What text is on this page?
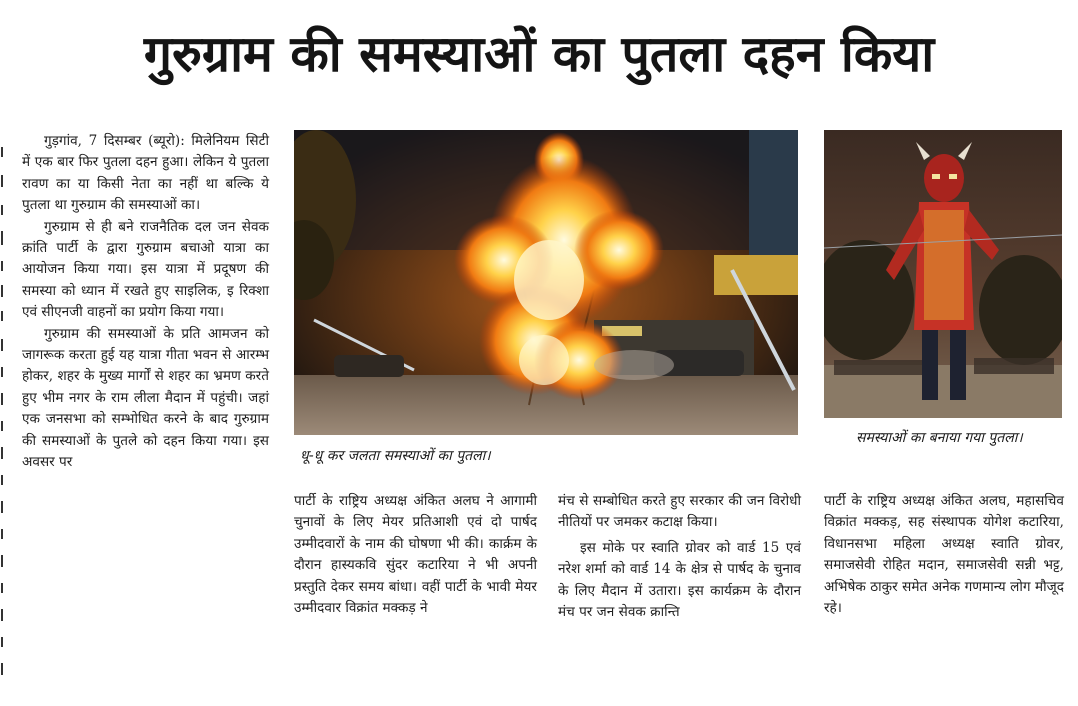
गुरुग्राम की समस्याओं का पुतला दहन किया

गुड़गांव, 7 दिसम्बर (ब्यूरो): मिलेनियम सिटी में एक बार फिर पुतला दहन हुआ। लेकिन ये पुतला रावण का या किसी नेता का नहीं था बल्कि ये पुतला था गुरुग्राम की समस्याओं का।

गुरुग्राम से ही बने राजनैतिक दल जन सेवक क्रांति पार्टी के द्वारा गुरुग्राम बचाओ यात्रा का आयोजन किया गया। इस यात्रा में प्रदूषण की समस्या को ध्यान में रखते हुए साइलिक, इ रिक्शा एवं सीएनजी वाहनों का प्रयोग किया गया।

गुरुग्राम की समस्याओं के प्रति आमजन को जागरूक करता हुई यह यात्रा गीता भवन से आरम्भ होकर, शहर के मुख्य मार्गों से शहर का भ्रमण करते हुए भीम नगर के राम लीला मैदान में पहुंची। जहां एक जनसभा को सम्भोधित करने के बाद गुरुग्राम की समस्याओं के पुतले को दहन किया गया। इस अवसर पर	धू-धू कर जलता समस्याओं का पुतला।
समस्याओं का बनाया गया पुतला।

पार्टी के राष्ट्रिय अध्यक्ष अंकित अलघ ने आगामी चुनावों के लिए मेयर प्रतिआशी एवं दो पार्षद उम्मीदवारों के नाम की घोषणा भी की। कार्क्रम के दौरान हास्यकवि सुंदर कटारिया ने भी अपनी प्रस्तुति देकर समय बांधा। वहीं पार्टी के भावी मेयर उम्मीदवार विक्रांत मक्कड़ ने

मंच से सम्बोधित करते हुए सरकार की जन विरोधी नीतियों पर जमकर कटाक्ष किया।

इस मोके पर स्वाति ग्रोवर को वार्ड 15 एवं नरेश शर्मा को वार्ड 14 के क्षेत्र से पार्षद के चुनाव के लिए मैदान में उतारा। इस कार्यक्रम के दौरान मंच पर जन सेवक क्रान्ति

पार्टी के राष्ट्रिय अध्यक्ष अंकित अलघ, महासचिव विक्रांत मक्कड़, सह संस्थापक योगेश कटारिया, विधानसभा महिला अध्यक्ष स्वाति ग्रोवर, समाजसेवी रोहित मदान, समाजसेवी सन्नी भट्ट, अभिषेक ठाकुर समेत अनेक गणमान्य लोग मौजूद रहे।
